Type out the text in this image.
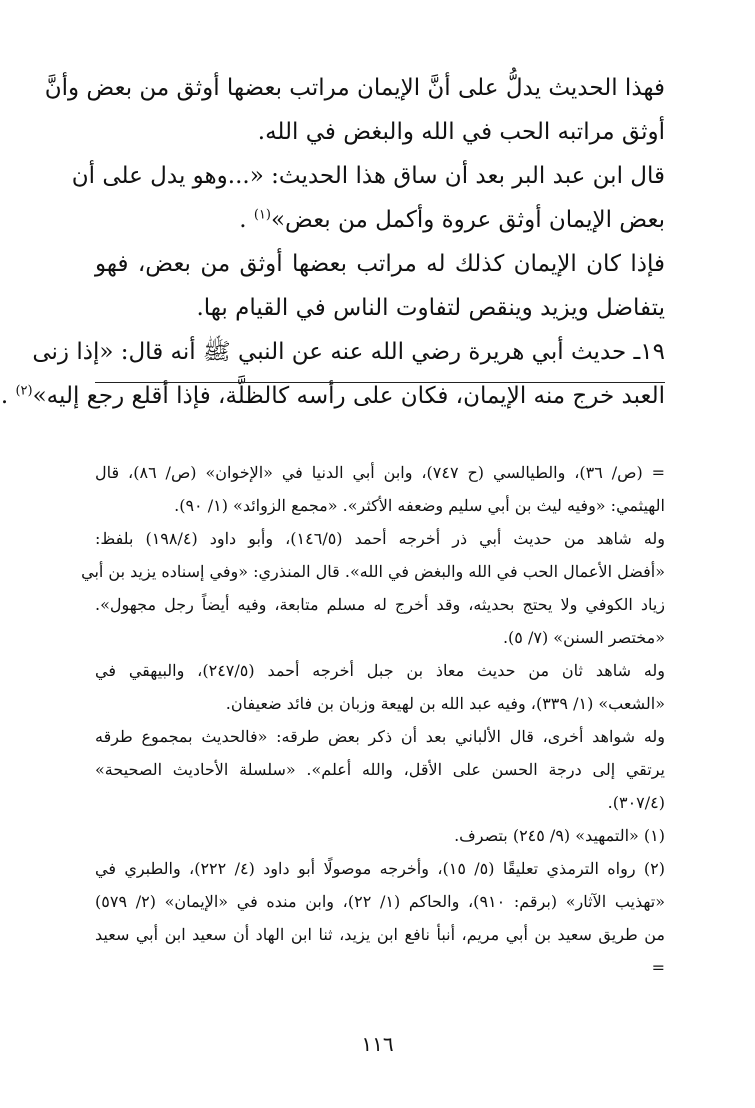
فهذا الحديث يدلُّ على أنَّ الإيمان مراتب بعضها أوثق من بعض وأنَّ
أوثق مراتبه الحب في الله والبغض في الله.
قال ابن عبد البر بعد أن ساق هذا الحديث: «...وهو يدل على أن
بعض الإيمان أوثق عروة وأكمل من بعض»$^{(١)}$ .
فإذا كان الإيمان كذلك له مراتب بعضها أوثق من بعض، فهو
يتفاضل ويزيد وينقص لتفاوت الناس في القيام بها.
١٩ـ حديث أبي هريرة رضي الله عنه عن النبي ﷺ أنه قال: «إذا زنى
العبد خرج منه الإيمان، فكان على رأسه كالظلَّة، فإذا أقلع رجع إليه»$^{(٢)}$ .
= (ص/ ٣٦)، والطيالسي (ح ٧٤٧)، وابن أبي الدنيا في «الإخوان» (ص/ ٨٦)، قال
الهيثمي: «وفيه ليث بن أبي سليم وضعفه الأكثر». «مجمع الزوائد» (١/ ٩٠).
وله شاهد من حديث أبي ذر أخرجه أحمد (١٤٦/٥)، وأبو داود (١٩٨/٤) بلفظ:
«أفضل الأعمال الحب في الله والبغض في الله». قال المنذري: «وفي إسناده يزيد بن أبي
زياد الكوفي ولا يحتج بحديثه، وقد أخرج له مسلم متابعة، وفيه أيضاً رجل مجهول».
«مختصر السنن» (٧/ ٥).
وله شاهد ثان من حديث معاذ بن جبل أخرجه أحمد (٢٤٧/٥)، والبيهقي في
«الشعب» (١/ ٣٣٩)، وفيه عبد الله بن لهيعة وزبان بن فائد ضعيفان.
وله شواهد أخرى، قال الألباني بعد أن ذكر بعض طرقه: «فالحديث بمجموع طرقه
يرتقي إلى درجة الحسن على الأقل، والله أعلم». «سلسلة الأحاديث الصحيحة»
(٣٠٧/٤).
(١) «التمهيد» (٩/ ٢٤٥) بتصرف.
(٢) رواه الترمذي تعليقًا (٥/ ١٥)، وأخرجه موصولًا أبو داود (٤/ ٢٢٢)، والطبري في
«تهذيب الآثار» (برقم: ٩١٠)، والحاكم (١/ ٢٢)، وابن منده في «الإيمان» (٢/ ٥٧٩)
من طريق سعيد بن أبي مريم، أنبأ نافع ابن يزيد، ثنا ابن الهاد أن سعيد ابن أبي سعيد
=
١١٦
